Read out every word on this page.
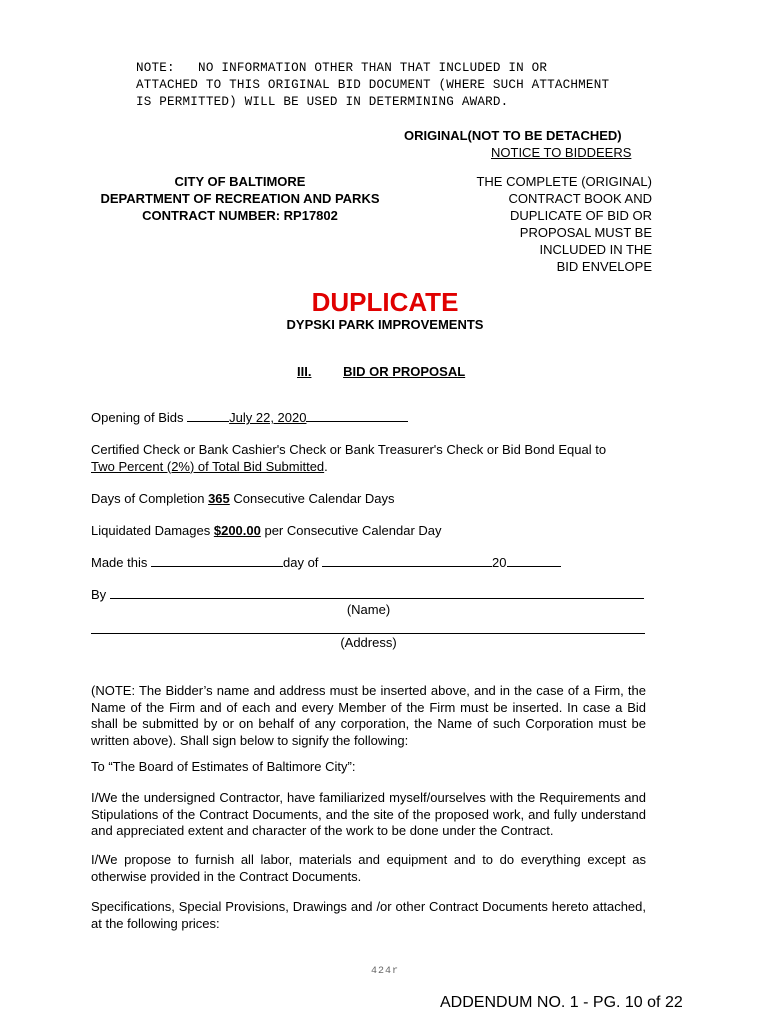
NOTE:   NO INFORMATION OTHER THAN THAT INCLUDED IN OR
ATTACHED TO THIS ORIGINAL BID DOCUMENT (WHERE SUCH ATTACHMENT
IS PERMITTED) WILL BE USED IN DETERMINING AWARD.
ORIGINAL(NOT TO BE DETACHED)
NOTICE TO BIDDEERS
CITY OF BALTIMORE
DEPARTMENT OF RECREATION AND PARKS
CONTRACT NUMBER: RP17802
THE COMPLETE (ORIGINAL)
CONTRACT BOOK AND
DUPLICATE OF BID OR
PROPOSAL MUST BE
INCLUDED IN THE
BID ENVELOPE
DUPLICATE
DYPSKI PARK IMPROVEMENTS
III. BID OR PROPOSAL
Opening of Bids	July 22, 2020
Certified Check or Bank Cashier's Check or Bank Treasurer's Check or Bid Bond Equal to
Two Percent (2%) of Total Bid Submitted.
Days of Completion 365 Consecutive Calendar Days
Liquidated Damages $200.00 per Consecutive Calendar Day
Made this	day of	20
By
(Name)
(Address)
(NOTE: The Bidder’s name and address must be inserted above, and in the case of a Firm, the Name of the Firm and of each and every Member of the Firm must be inserted. In case a Bid shall be submitted by or on behalf of any corporation, the Name of such Corporation must be written above). Shall sign below to signify the following:
To “The Board of Estimates of Baltimore City”:
I/We the undersigned Contractor, have familiarized myself/ourselves with the Requirements and Stipulations of the Contract Documents, and the site of the proposed work, and fully understand and appreciated extent and character of the work to be done under the Contract.
I/We propose to furnish all labor, materials and equipment and to do everything except as otherwise provided in the Contract Documents.
Specifications, Special Provisions, Drawings and /or other Contract Documents hereto attached, at the following prices:
424r
ADDENDUM NO. 1 - PG. 10 of 22
